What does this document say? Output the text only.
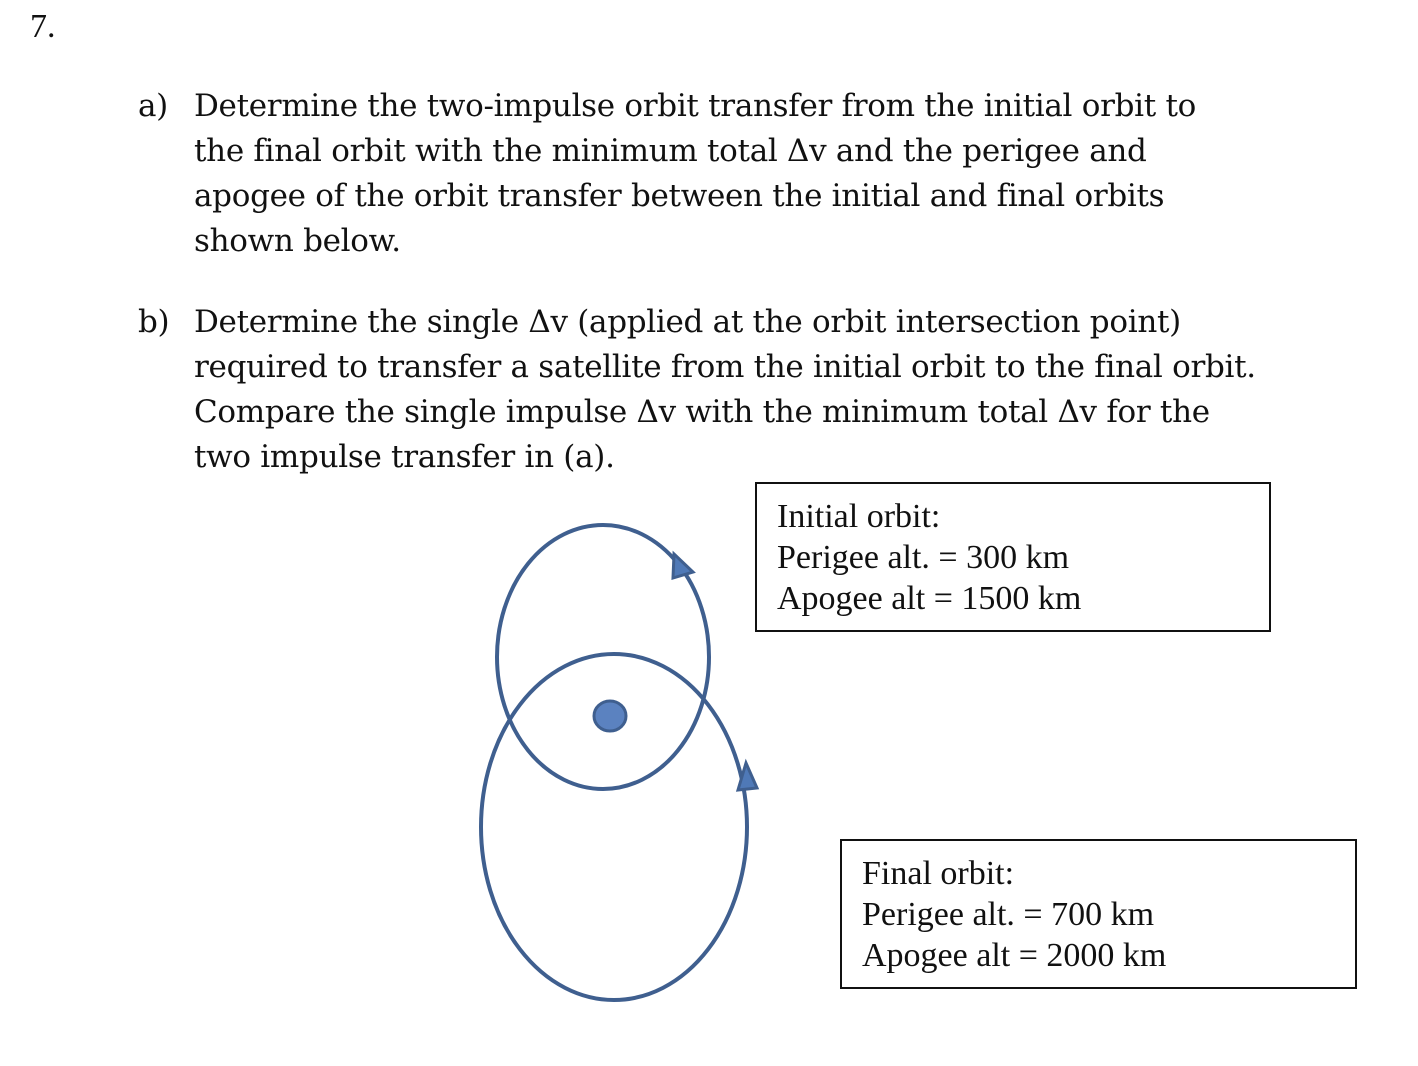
7.
a) Determine the two-impulse orbit transfer from the initial orbit to
the final orbit with the minimum total Δv and the perigee and
apogee of the orbit transfer between the initial and final orbits
shown below.
b) Determine the single Δv (applied at the orbit intersection point)
required to transfer a satellite from the initial orbit to the final orbit.
Compare the single impulse Δv with the minimum total Δv for the
two impulse transfer in (a).
Initial orbit:
Perigee alt. = 300 km
Apogee alt = 1500 km
Final orbit:
Perigee alt. = 700 km
Apogee alt = 2000 km
